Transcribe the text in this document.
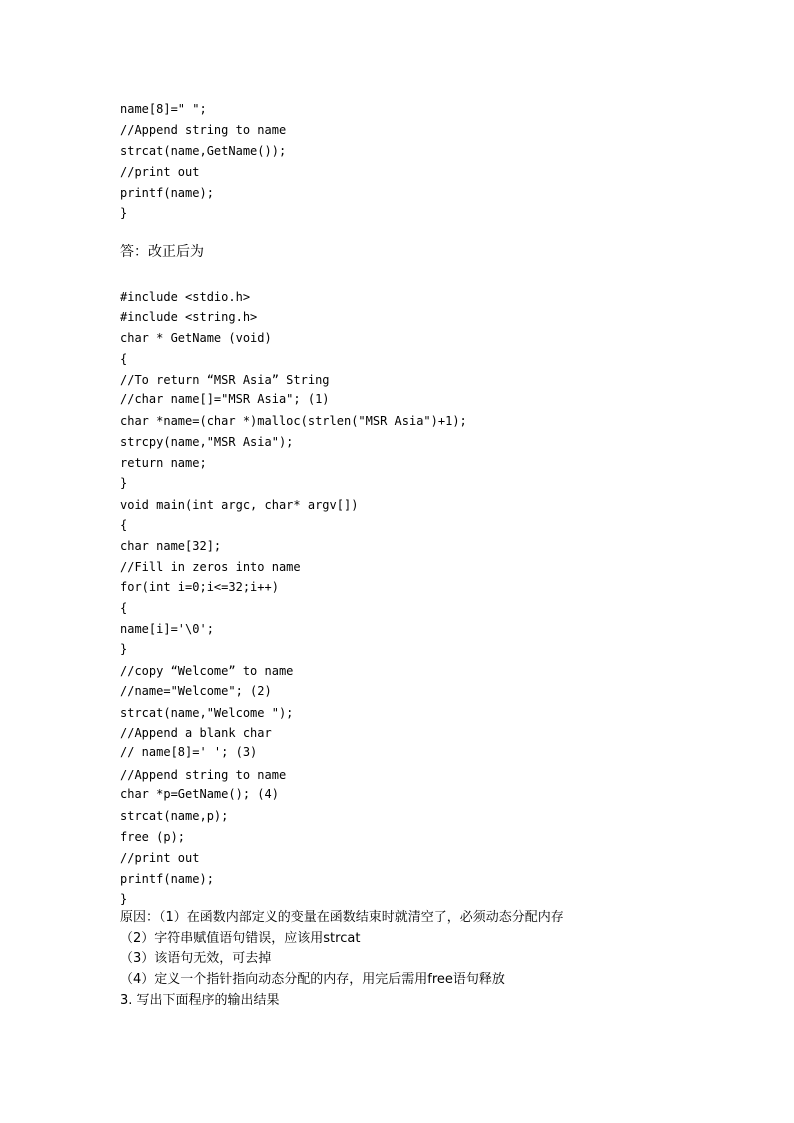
name[8]=" ";
//Append string to name
strcat(name,GetName());
//print out
printf(name);
}
答：改正后为
#include <stdio.h>
#include <string.h>
char * GetName (void)
{
//To return “MSR Asia” String
//char name[]="MSR Asia"; (1)
char *name=(char *)malloc(strlen("MSR Asia")+1);
strcpy(name,"MSR Asia");
return name;
}
void main(int argc, char* argv[])
{
char name[32];
//Fill in zeros into name
for(int i=0;i<=32;i++)
{
name[i]='\0';
}
//copy “Welcome” to name
//name="Welcome"; (2)
strcat(name,"Welcome ");
//Append a blank char
// name[8]=' '; (3)
//Append string to name
char *p=GetName(); (4)
strcat(name,p);
free (p);
//print out
printf(name);
}
原因：（1）在函数内部定义的变量在函数结束时就清空了，必须动态分配内存
（2）字符串赋值语句错误，应该用strcat
（3）该语句无效，可去掉
（4）定义一个指针指向动态分配的内存，用完后需用free语句释放
3. 写出下面程序的输出结果
